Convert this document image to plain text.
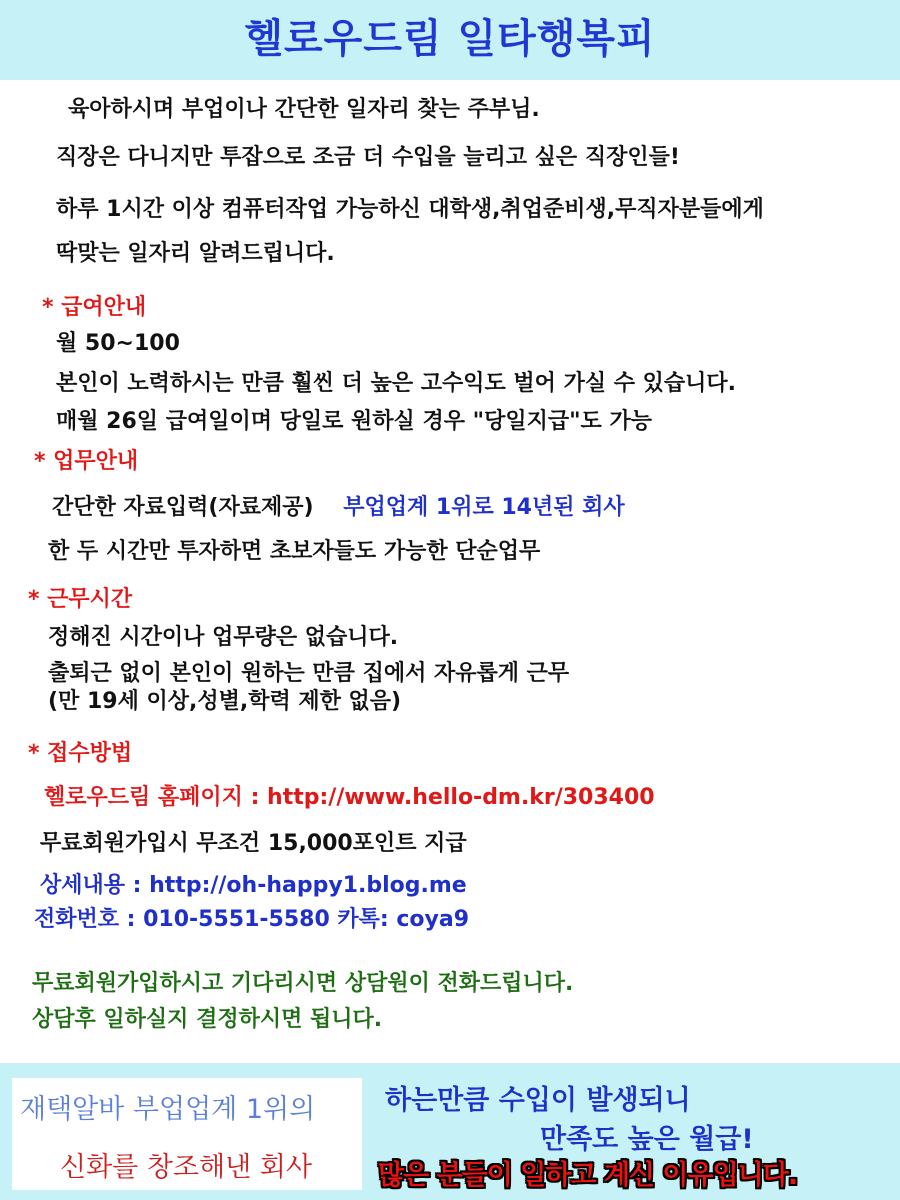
헬로우드림 일타행복피
육아하시며 부업이나 간단한 일자리 찾는 주부님.
직장은 다니지만 투잡으로 조금 더 수입을 늘리고 싶은 직장인들!
하루 1시간 이상 컴퓨터작업 가능하신 대학생,취업준비생,무직자분들에게
딱맞는 일자리 알려드립니다.
* 급여안내
월 50~100
본인이 노력하시는 만큼 훨씬 더 높은 고수익도 벌어 가실 수 있습니다.
매월 26일 급여일이며 당일로 원하실 경우 "당일지급"도 가능
* 업무안내
간단한 자료입력(자료제공) 부업업계 1위로 14년된 회사
한 두 시간만 투자하면 초보자들도 가능한 단순업무
* 근무시간
정해진 시간이나 업무량은 없습니다.
출퇴근 없이 본인이 원하는 만큼 집에서 자유롭게 근무
(만 19세 이상,성별,학력 제한 없음)
* 접수방법
헬로우드림 홈페이지 : http://www.hello-dm.kr/303400
무료회원가입시 무조건 15,000포인트 지급
상세내용 : http://oh-happy1.blog.me
전화번호 : 010-5551-5580 카톡: coya9
무료회원가입하시고 기다리시면 상담원이 전화드립니다.
상담후 일하실지 결정하시면 됩니다.
재택알바 부업업계 1위의
신화를 창조해낸 회사
하는만큼 수입이 발생되니
만족도 높은 월급!
많은 분들이 일하고 계신 이유입니다.
